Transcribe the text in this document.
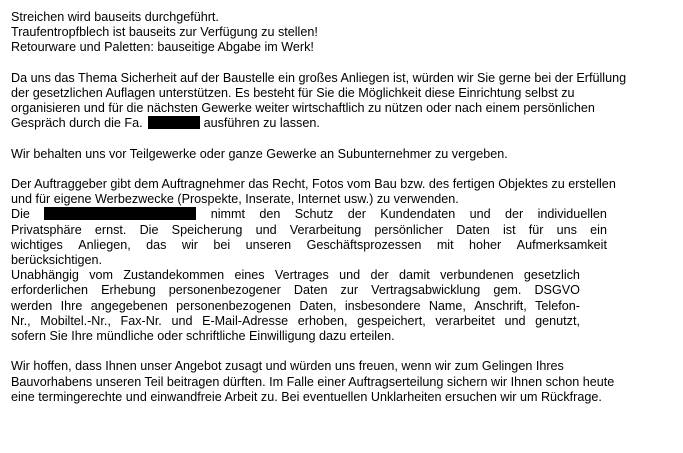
Streichen wird bauseits durchgeführt.
Traufentropfblech ist bauseits zur Verfügung zu stellen!
Retourware und Paletten: bauseitige Abgabe im Werk!
Da uns das Thema Sicherheit auf der Baustelle ein großes Anliegen ist, würden wir Sie gerne bei der Erfüllung
der gesetzlichen Auflagen unterstützen. Es besteht für Sie die Möglichkeit diese Einrichtung selbst zu
organisieren und für die nächsten Gewerke weiter wirtschaftlich zu nützen oder nach einem persönlichen
Gespräch durch die Fa.	ausführen zu lassen.
Wir behalten uns vor Teilgewerke oder ganze Gewerke an Subunternehmer zu vergeben.
Der Auftraggeber gibt dem Auftragnehmer das Recht, Fotos vom Bau bzw. des fertigen Objektes zu erstellen
und für eigene Werbezwecke (Prospekte, Inserate, Internet usw.) zu verwenden.
Die	nimmt den Schutz der Kundendaten und der individuellen
Privatsphäre ernst. Die Speicherung und Verarbeitung persönlicher Daten ist für uns ein
wichtiges Anliegen, das wir bei unseren Geschäftsprozessen mit hoher Aufmerksamkeit
berücksichtigen.
Unabhängig vom Zustandekommen eines Vertrages und der damit verbundenen gesetzlich
erforderlichen Erhebung personenbezogener Daten zur Vertragsabwicklung gem. DSGVO
werden Ihre angegebenen personenbezogenen Daten, insbesondere Name, Anschrift, Telefon-
Nr., Mobiltel.-Nr., Fax-Nr. und E-Mail-Adresse erhoben, gespeichert, verarbeitet und genutzt,
sofern Sie Ihre mündliche oder schriftliche Einwilligung dazu erteilen.
Wir hoffen, dass Ihnen unser Angebot zusagt und würden uns freuen, wenn wir zum Gelingen Ihres
Bauvorhabens unseren Teil beitragen dürften. Im Falle einer Auftragserteilung sichern wir Ihnen schon heute
eine termingerechte und einwandfreie Arbeit zu. Bei eventuellen Unklarheiten ersuchen wir um Rückfrage.
